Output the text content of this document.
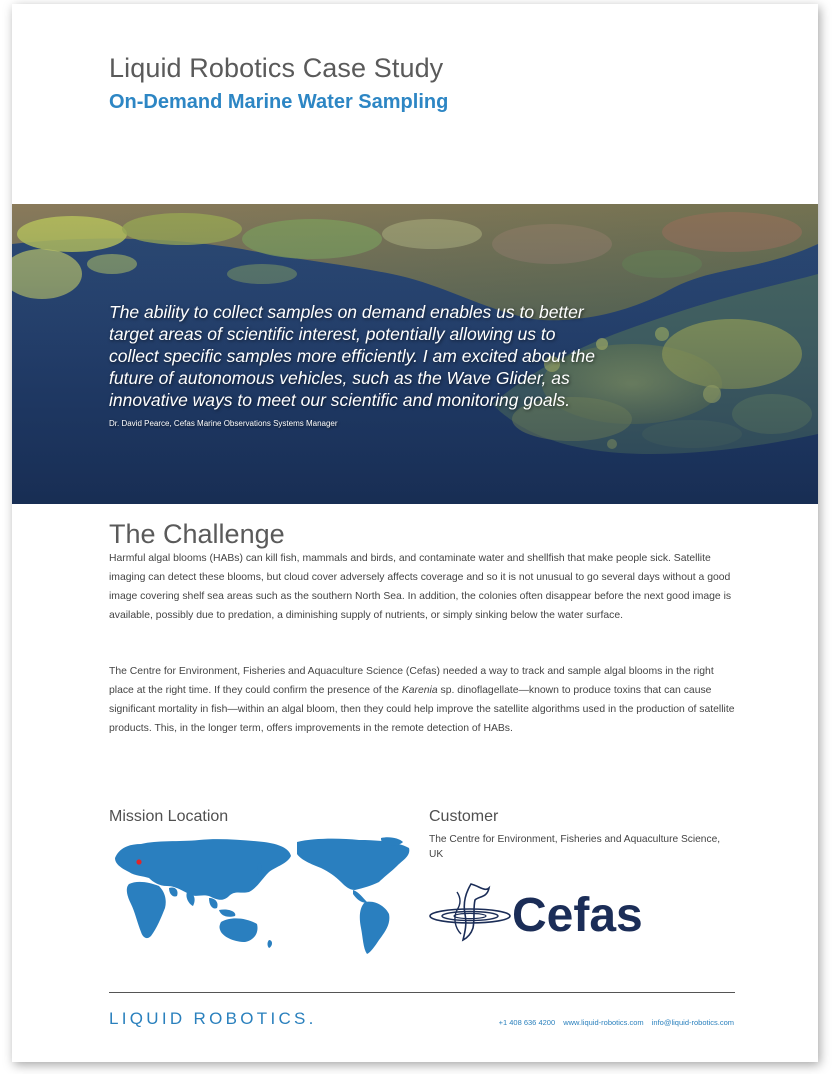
Liquid Robotics Case Study
On-Demand Marine Water Sampling

The ability to collect samples on demand enables us to better target areas of scientific interest, potentially allowing us to collect specific samples more efficiently. I am excited about the future of autonomous vehicles, such as the Wave Glider, as innovative ways to meet our scientific and monitoring goals.

Dr. David Pearce, Cefas Marine Observations Systems Manager
The Challenge

Harmful algal blooms (HABs) can kill fish, mammals and birds, and contaminate water and shellfish that make people sick. Satellite imaging can detect these blooms, but cloud cover adversely affects coverage and so it is not unusual to go several days without a good image covering shelf sea areas such as the southern North Sea. In addition, the colonies often disappear before the next good image is available, possibly due to predation, a diminishing supply of nutrients, or simply sinking below the water surface.

The Centre for Environment, Fisheries and Aquaculture Science (Cefas) needed a way to track and sample algal blooms in the right place at the right time. If they could confirm the presence of the Karenia sp. dinoflagellate—known to produce toxins that can cause significant mortality in fish—within an algal bloom, then they could help improve the satellite algorithms used in the production of satellite products. This, in the longer term, offers improvements in the remote detection of HABs.

Mission Location	Customer

The Centre for Environment, Fisheries and Aquaculture Science, UK

Cefas
LIQUID ROBOTICS.	+1 408 636 4200 www.liquid-robotics.com info@liquid-robotics.com
